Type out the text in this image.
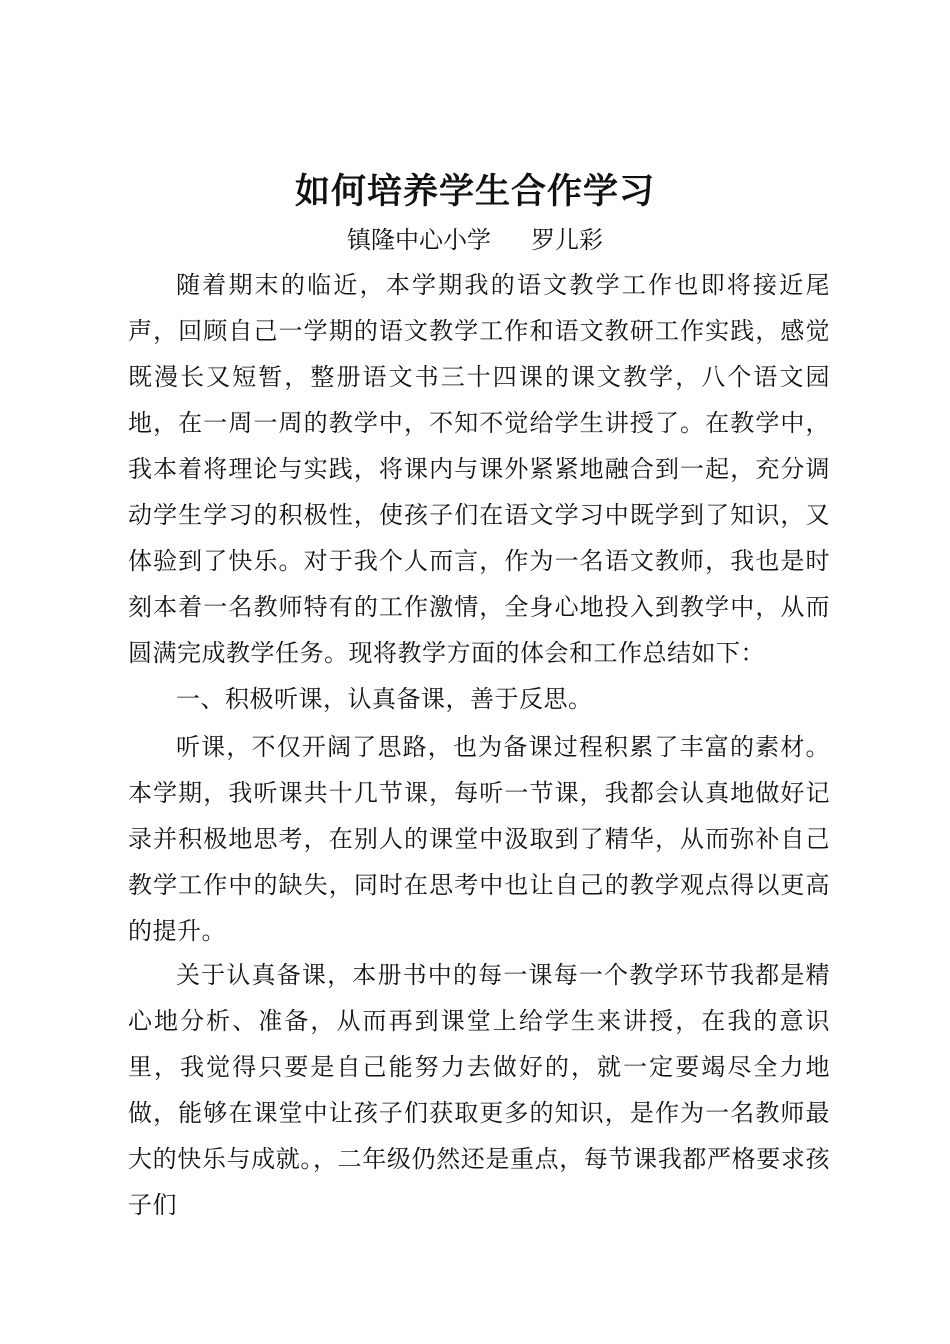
如何培养学生合作学习
镇隆中心小学 罗儿彩

随着期末的临近，本学期我的语文教学工作也即将接近尾声，回顾自己一学期的语文教学工作和语文教研工作实践，感觉既漫长又短暂，整册语文书三十四课的课文教学，八个语文园地，在一周一周的教学中，不知不觉给学生讲授了。在教学中，我本着将理论与实践，将课内与课外紧紧地融合到一起，充分调动学生学习的积极性，使孩子们在语文学习中既学到了知识，又体验到了快乐。对于我个人而言，作为一名语文教师，我也是时刻本着一名教师特有的工作激情，全身心地投入到教学中，从而圆满完成教学任务。现将教学方面的体会和工作总结如下：

一、积极听课，认真备课，善于反思。

听课，不仅开阔了思路，也为备课过程积累了丰富的素材。本学期，我听课共十几节课，每听一节课，我都会认真地做好记录并积极地思考，在别人的课堂中汲取到了精华，从而弥补自己教学工作中的缺失，同时在思考中也让自己的教学观点得以更高的提升。

关于认真备课，本册书中的每一课每一个教学环节我都是精心地分析、准备，从而再到课堂上给学生来讲授，在我的意识里，我觉得只要是自己能努力去做好的，就一定要竭尽全力地做，能够在课堂中让孩子们获取更多的知识，是作为一名教师最大的快乐与成就。，二年级仍然还是重点，每节课我都严格要求孩子们
